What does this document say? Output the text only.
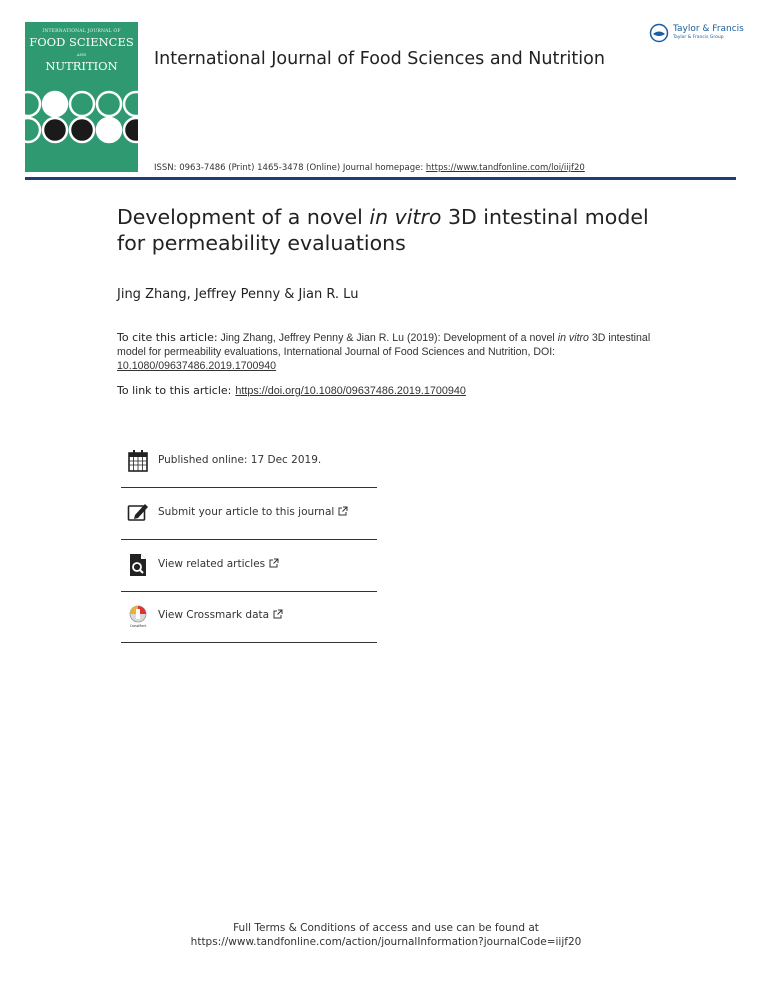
INTERNATIONAL JOURNAL OF
FOOD SCIENCES
AND
NUTRITION	International Journal of Food Sciences and Nutrition
ISSN: 0963-7486 (Print) 1465-3478 (Online) Journal homepage: https://www.tandfonline.com/loi/iijf20
Taylor & Francis
Taylor & Francis Group
Development of a novel in vitro 3D intestinal model for permeability evaluations
Jing Zhang, Jeffrey Penny & Jian R. Lu
To cite this article: Jing Zhang, Jeffrey Penny & Jian R. Lu (2019): Development of a novel in vitro 3D intestinal model for permeability evaluations, International Journal of Food Sciences and Nutrition, DOI: 10.1080/09637486.2019.1700940
To link to this article: https://doi.org/10.1080/09637486.2019.1700940
Published online: 17 Dec 2019.
Submit your article to this journal
View related articles
CrossMark
View Crossmark data
Full Terms & Conditions of access and use can be found at
https://www.tandfonline.com/action/journalInformation?journalCode=iijf20
